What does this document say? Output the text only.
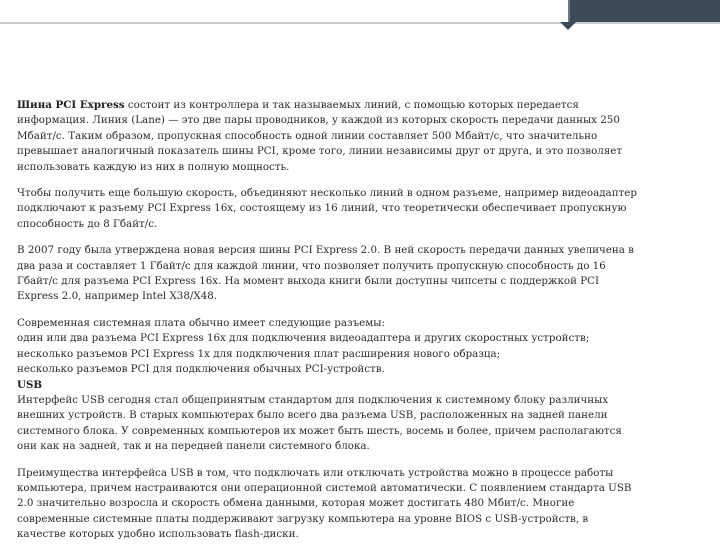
Шина PCI Express состоит из контроллера и так называемых линий, с помощью которых передается информация. Линия (Lane) — это две пары проводников, у каждой из которых скорость передачи данных 250 Мбайт/с. Таким образом, пропускная способность одной линии составляет 500 Мбайт/с, что значительно превышает аналогичный показатель шины PCI, кроме того, линии независимы друг от друга, и это позволяет использовать каждую из них в полную мощность.

Чтобы получить еще большую скорость, объединяют несколько линий в одном разъеме, например видеоадаптер подключают к разъему PCI Express 16x, состоящему из 16 линий, что теоретически обеспечивает пропускную способность до 8 Гбайт/с.

В 2007 году была утверждена новая версия шины PCI Express 2.0. В ней скорость передачи данных увеличена в два раза и составляет 1 Гбайт/с для каждой линии, что позволяет получить пропускную способность до 16 Гбайт/с для разъема PCI Express 16x. На момент выхода книги были доступны чипсеты с поддержкой PCI Express 2.0, например Intel X38/X48.

Современная системная плата обычно имеет следующие разъемы:
один или два разъема PCI Express 16x для подключения видеоадаптера и других скоростных устройств;
несколько разъемов PCI Express 1x для подключения плат расширения нового образца;
несколько разъемов PCI для подключения обычных PCI-устройств.
USB
Интерфейс USB сегодня стал общепринятым стандартом для подключения к системному блоку различных внешних устройств. В старых компьютерах было всего два разъема USB, расположенных на задней панели системного блока. У современных компьютеров их может быть шесть, восемь и более, причем располагаются они как на задней, так и на передней панели системного блока.

Преимущества интерфейса USB в том, что подключать или отключать устройства можно в процессе работы компьютера, причем настраиваются они операционной системой автоматически. С появлением стандарта USB 2.0 значительно возросла и скорость обмена данными, которая может достигать 480 Мбит/с. Многие современные системные платы поддерживают загрузку компьютера на уровне BIOS с USB-устройств, в качестве которых удобно использовать flash-диски.
